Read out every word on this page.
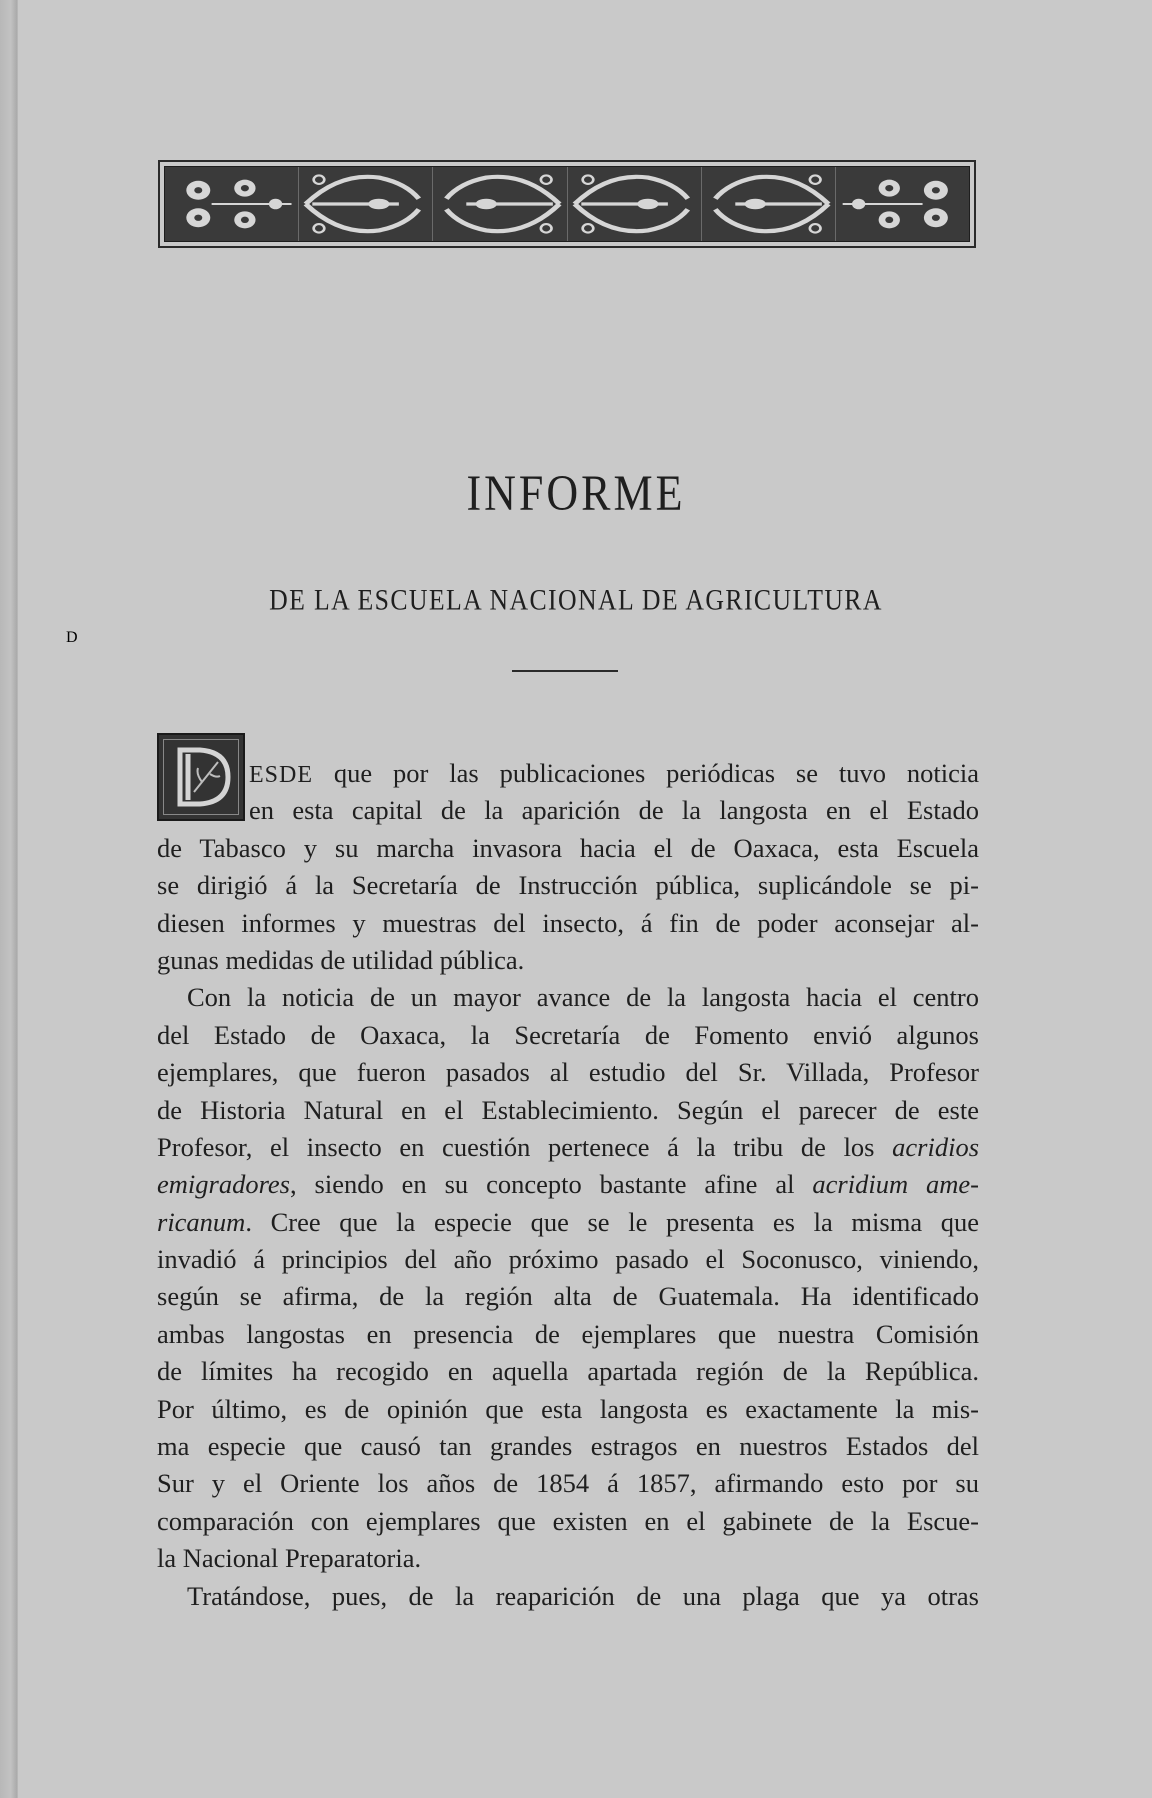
INFORME
DE LA ESCUELA NACIONAL DE AGRICULTURA
D
ESDE que por las publicaciones periódicas se tuvo noticia
en esta capital de la aparición de la langosta en el Estado
de Tabasco y su marcha invasora hacia el de Oaxaca, esta Escuela
se dirigió á la Secretaría de Instrucción pública, suplicándole se pi-
diesen informes y muestras del insecto, á fin de poder aconsejar al-
gunas medidas de utilidad pública.
Con la noticia de un mayor avance de la langosta hacia el centro
del Estado de Oaxaca, la Secretaría de Fomento envió algunos
ejemplares, que fueron pasados al estudio del Sr. Villada, Profesor
de Historia Natural en el Establecimiento. Según el parecer de este
Profesor, el insecto en cuestión pertenece á la tribu de los acridios
emigradores, siendo en su concepto bastante afine al acridium ame-
ricanum. Cree que la especie que se le presenta es la misma que
invadió á principios del año próximo pasado el Soconusco, viniendo,
según se afirma, de la región alta de Guatemala. Ha identificado
ambas langostas en presencia de ejemplares que nuestra Comisión
de límites ha recogido en aquella apartada región de la República.
Por último, es de opinión que esta langosta es exactamente la mis-
ma especie que causó tan grandes estragos en nuestros Estados del
Sur y el Oriente los años de 1854 á 1857, afirmando esto por su
comparación con ejemplares que existen en el gabinete de la Escue-
la Nacional Preparatoria.
Tratándose, pues, de la reaparición de una plaga que ya otras
